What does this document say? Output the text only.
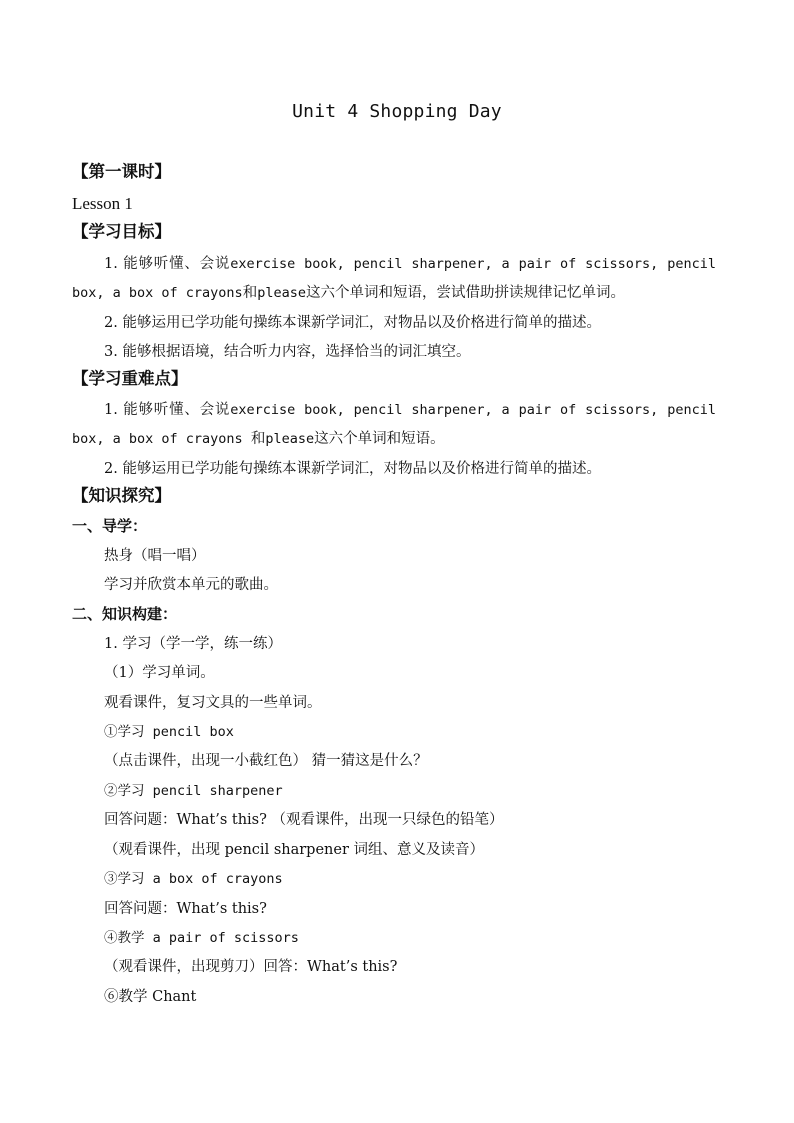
Unit 4 Shopping Day
【第一课时】
Lesson 1
【学习目标】
1. 能够听懂、会说exercise book, pencil sharpener, a pair of scissors, pencil box, a box of crayons和please这六个单词和短语，尝试借助拼读规律记忆单词。
2. 能够运用已学功能句操练本课新学词汇，对物品以及价格进行简单的描述。
3. 能够根据语境，结合听力内容，选择恰当的词汇填空。
【学习重难点】
1. 能够听懂、会说exercise book, pencil sharpener, a pair of scissors, pencil box, a box of crayons 和please这六个单词和短语。
2. 能够运用已学功能句操练本课新学词汇，对物品以及价格进行简单的描述。
【知识探究】
一、导学：
热身（唱一唱）
学习并欣赏本单元的歌曲。
二、知识构建：
1. 学习（学一学，练一练）
（1）学习单词。
观看课件，复习文具的一些单词。
①学习 pencil box
（点击课件，出现一小截红色） 猜一猜这是什么？
②学习 pencil sharpener
回答问题：What’s this? （观看课件，出现一只绿色的铅笔）
（观看课件，出现 pencil sharpener 词组、意义及读音）
③学习 a box of crayons
回答问题：What’s this?
④教学 a pair of scissors
（观看课件，出现剪刀）回答：What’s this?
⑥教学 Chant
